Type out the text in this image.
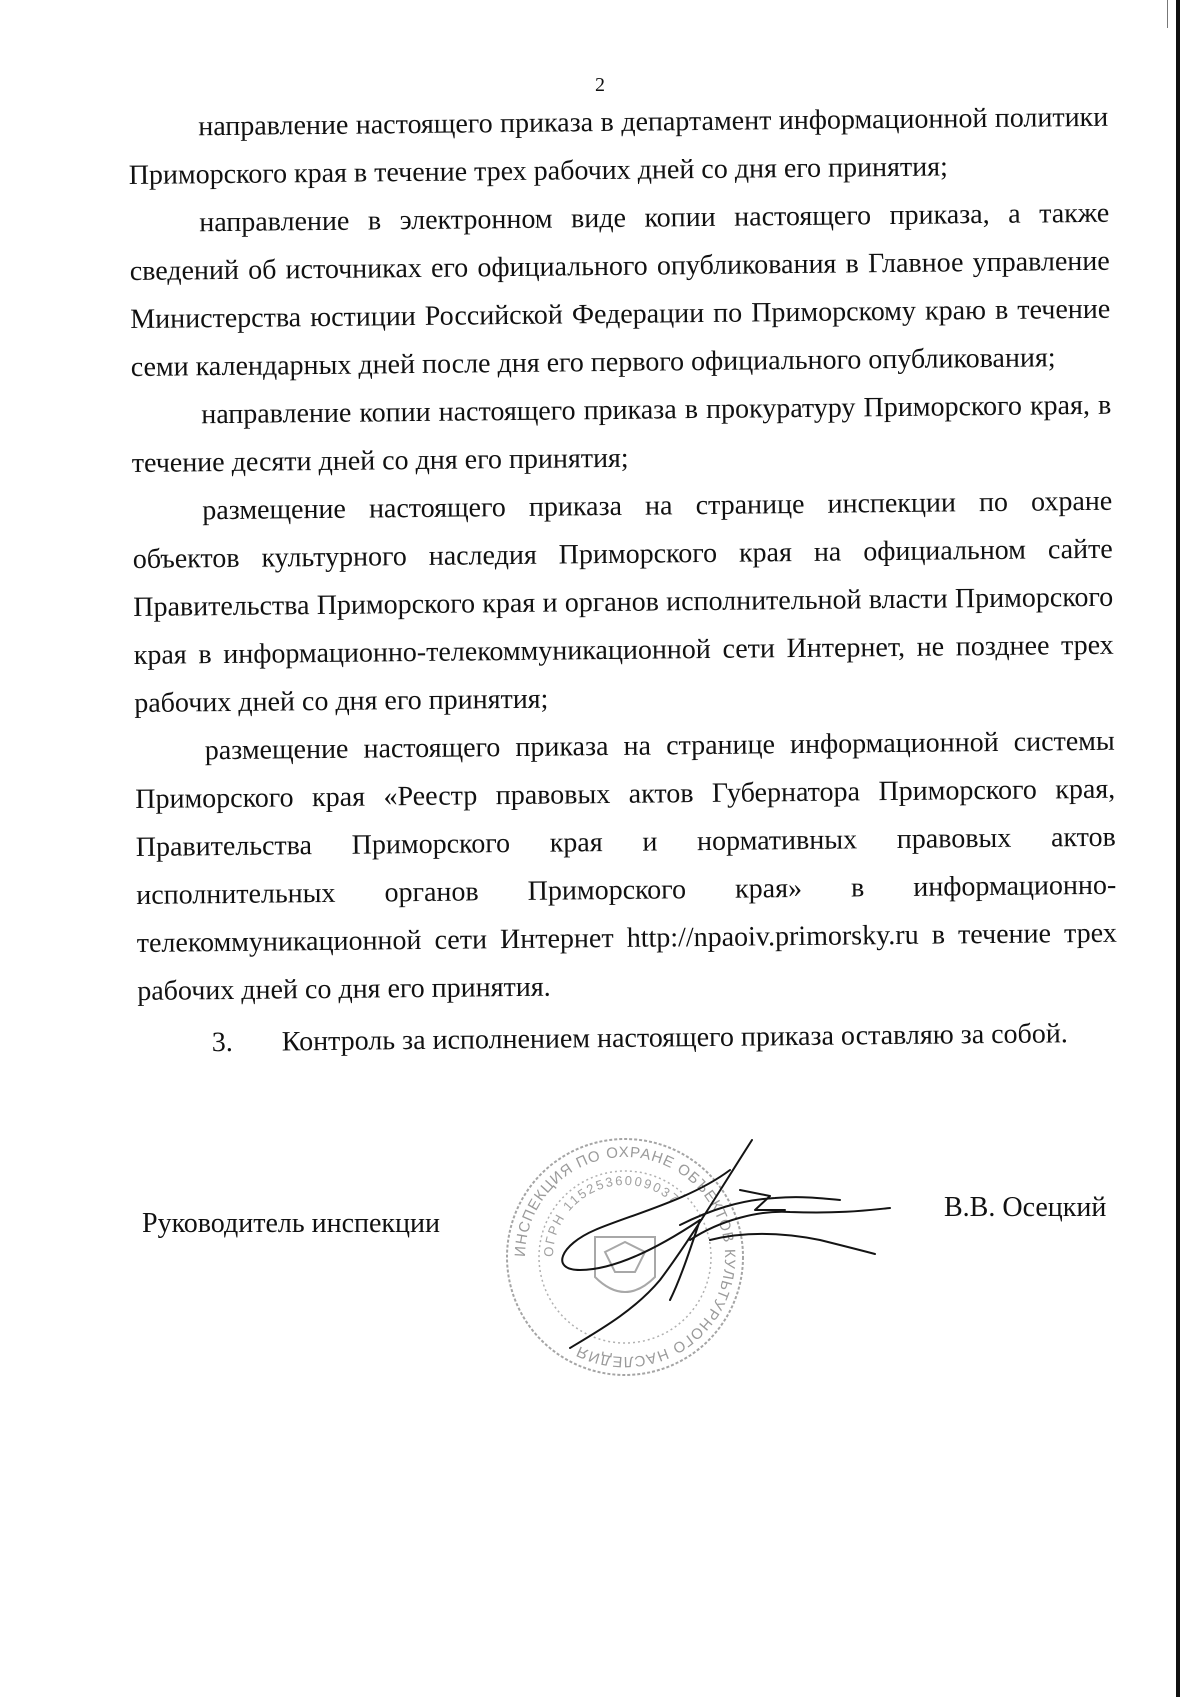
2

направление настоящего приказа в департамент информационной политики Приморского края в течение трех рабочих дней со дня его принятия;

направление в электронном виде копии настоящего приказа, а также сведений об источниках его официального опубликования в Главное управление Министерства юстиции Российской Федерации по Приморскому краю в течение семи календарных дней после дня его первого официального опубликования;

направление копии настоящего приказа в прокуратуру Приморского края, в течение десяти дней со дня его принятия;

размещение настоящего приказа на странице инспекции по охране объектов культурного наследия Приморского края на официальном сайте Правительства Приморского края и органов исполнительной власти Приморского края в информационно-телекоммуникационной сети Интернет, не позднее трех рабочих дней со дня его принятия;

размещение настоящего приказа на странице информационной системы Приморского края «Реестр правовых актов Губернатора Приморского края, Правительства Приморского края и нормативных правовых актов исполнительных органов Приморского края» в информационно-телекоммуникационной сети Интернет http://npaoiv.primorsky.ru в течение трех рабочих дней со дня его принятия.

3. Контроль за исполнением настоящего приказа оставляю за собой.

Руководитель инспекции
ИНСПЕКЦИЯ ПО ОХРАНЕ ОБЪЕКТОВ КУЛЬТУРНОГО НАСЛЕДИЯ
ОГРН 1152536009037	В.В. Осецкий
